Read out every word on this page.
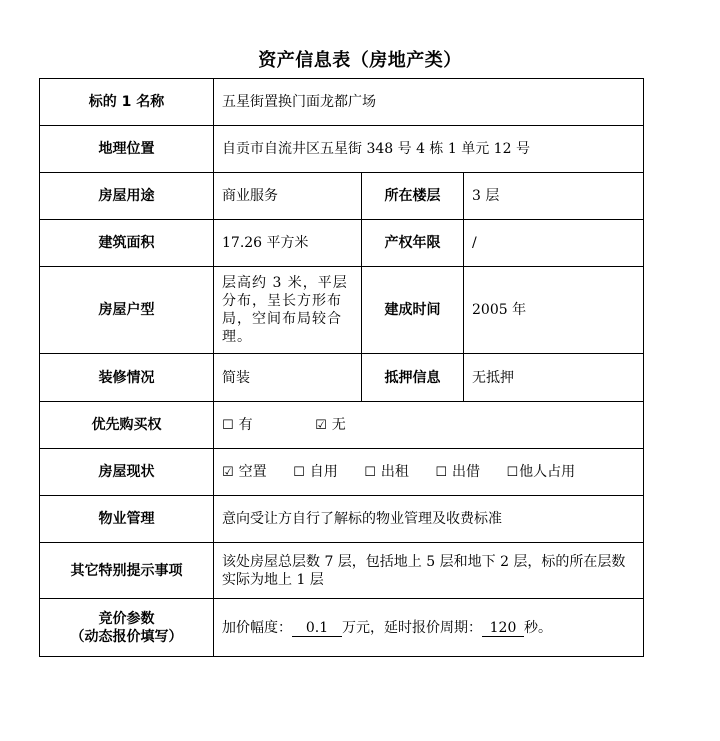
资产信息表（房地产类）
标的 1 名称	五星街置换门面龙都广场		
地理位置	自贡市自流井区五星街 348 号 4 栋 1 单元 12 号		
房屋用途	商业服务	所在楼层	3 层
建筑面积	17.26 平方米	产权年限	/
房屋户型	层高约 3 米，平层分布，呈长方形布局，空间布局较合理。	建成时间	2005 年
装修情况	简装	抵押信息	无抵押
优先购买权	☐ 有 ☑ 无		
房屋现状	☑ 空置 ☐ 自用 ☐ 出租 ☐ 出借 ☐他人占用		
物业管理	意向受让方自行了解标的物业管理及收费标准		
其它特别提示事项	该处房屋总层数 7 层，包括地上 5 层和地下 2 层，标的所在层数实际为地上 1 层		

竞价参数
（动态报价填写）	加价幅度： 0.1 万元，延时报价周期： 120 秒。		
